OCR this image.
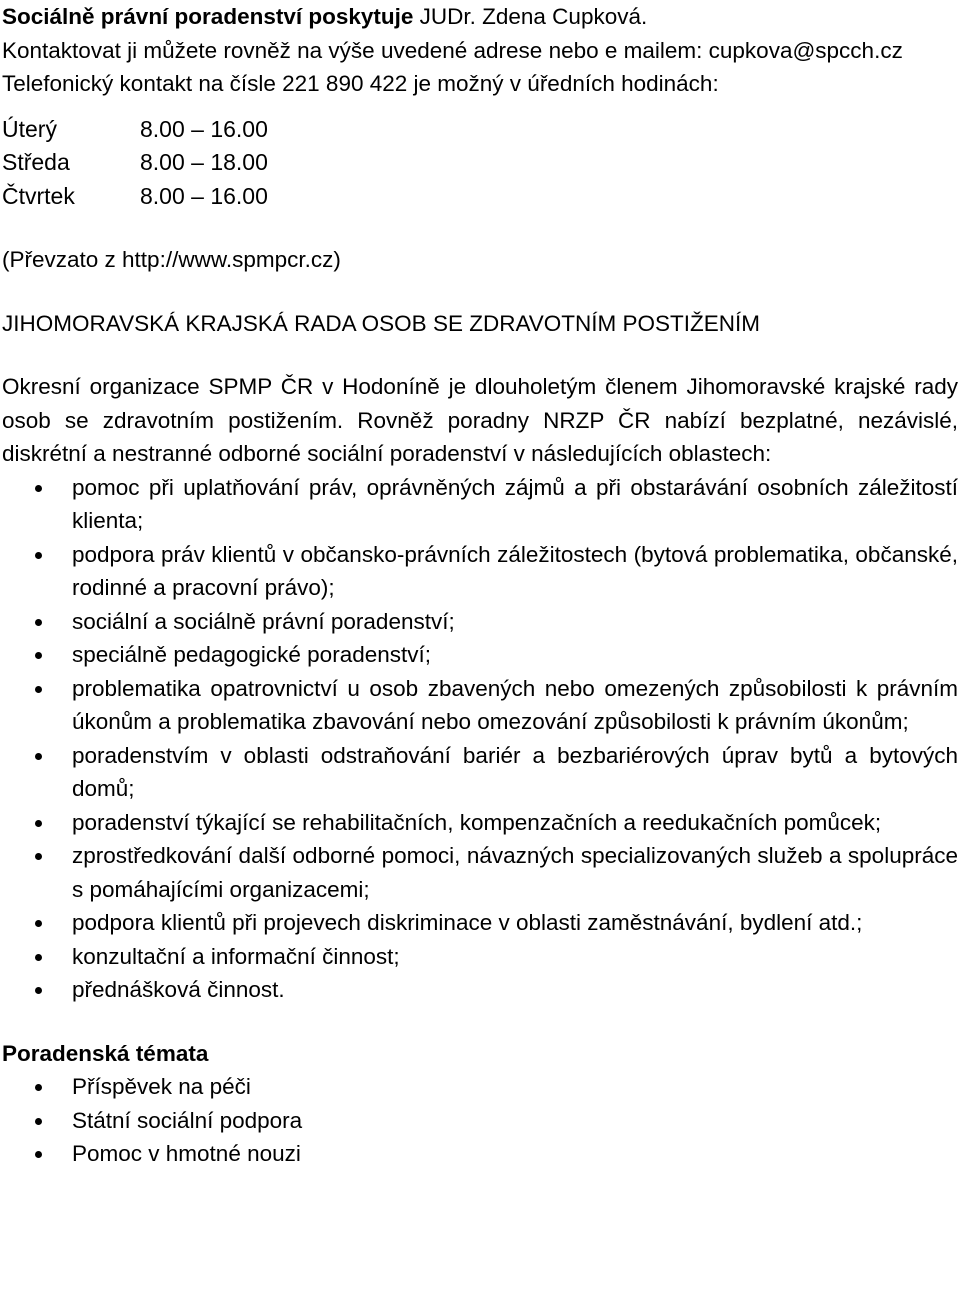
Sociálně právní poradenství poskytuje JUDr. Zdena Cupková.

Kontaktovat ji můžete rovněž na výše uvedené adrese nebo e mailem: cupkova@spcch.cz

Telefonický kontakt na čísle 221 890 422 je možný v úředních hodinách:

Úterý	8.00 – 16.00
Středa	8.00 – 18.00
Čtvrtek	8.00 – 16.00

(Převzato z http://www.spmpcr.cz)

JIHOMORAVSKÁ KRAJSKÁ RADA OSOB SE ZDRAVOTNÍM POSTIŽENÍM

Okresní organizace SPMP ČR v Hodoníně je dlouholetým členem Jihomoravské krajské rady osob se zdravotním postižením. Rovněž poradny NRZP ČR nabízí bezplatné, nezávislé, diskrétní a nestranné odborné sociální poradenství v následujících oblastech:

pomoc při uplatňování práv, oprávněných zájmů a při obstarávání osobních záležitostí klienta;
podpora práv klientů v občansko-právních záležitostech (bytová problematika, občanské, rodinné a pracovní právo);
sociální a sociálně právní poradenství;
speciálně pedagogické poradenství;
problematika opatrovnictví u osob zbavených nebo omezených způsobilosti k právním úkonům a problematika zbavování nebo omezování způsobilosti k právním úkonům;
poradenstvím v oblasti odstraňování bariér a bezbariérových úprav bytů a bytových domů;
poradenství týkající se rehabilitačních, kompenzačních a reedukačních pomůcek;
zprostředkování další odborné pomoci, návazných specializovaných služeb a spolupráce s pomáhajícími organizacemi;
podpora klientů při projevech diskriminace v oblasti zaměstnávání, bydlení atd.;
konzultační a informační činnost;
přednášková činnost.

Poradenská témata

Příspěvek na péči
Státní sociální podpora
Pomoc v hmotné nouzi
